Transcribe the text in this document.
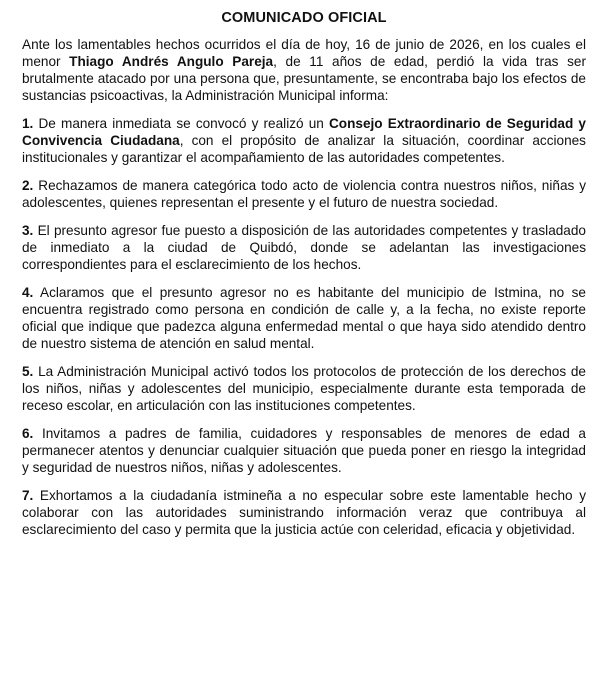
COMUNICADO OFICIAL

Ante los lamentables hechos ocurridos el día de hoy, 16 de junio de 2026, en los cuales el menor Thiago Andrés Angulo Pareja, de 11 años de edad, perdió la vida tras ser brutalmente atacado por una persona que, presuntamente, se encontraba bajo los efectos de sustancias psicoactivas, la Administración Municipal informa:

1. De manera inmediata se convocó y realizó un Consejo Extraordinario de Seguridad y Convivencia Ciudadana, con el propósito de analizar la situación, coordinar acciones institucionales y garantizar el acompañamiento de las autoridades competentes.

2. Rechazamos de manera categórica todo acto de violencia contra nuestros niños, niñas y adolescentes, quienes representan el presente y el futuro de nuestra sociedad.

3. El presunto agresor fue puesto a disposición de las autoridades competentes y trasladado de inmediato a la ciudad de Quibdó, donde se adelantan las investigaciones correspondientes para el esclarecimiento de los hechos.

4. Aclaramos que el presunto agresor no es habitante del municipio de Istmina, no se encuentra registrado como persona en condición de calle y, a la fecha, no existe reporte oficial que indique que padezca alguna enfermedad mental o que haya sido atendido dentro de nuestro sistema de atención en salud mental.

5. La Administración Municipal activó todos los protocolos de protección de los derechos de los niños, niñas y adolescentes del municipio, especialmente durante esta temporada de receso escolar, en articulación con las instituciones competentes.

6. Invitamos a padres de familia, cuidadores y responsables de menores de edad a permanecer atentos y denunciar cualquier situación que pueda poner en riesgo la integridad y seguridad de nuestros niños, niñas y adolescentes.

7. Exhortamos a la ciudadanía istmineña a no especular sobre este lamentable hecho y colaborar con las autoridades suministrando información veraz que contribuya al esclarecimiento del caso y permita que la justicia actúe con celeridad, eficacia y objetividad.
